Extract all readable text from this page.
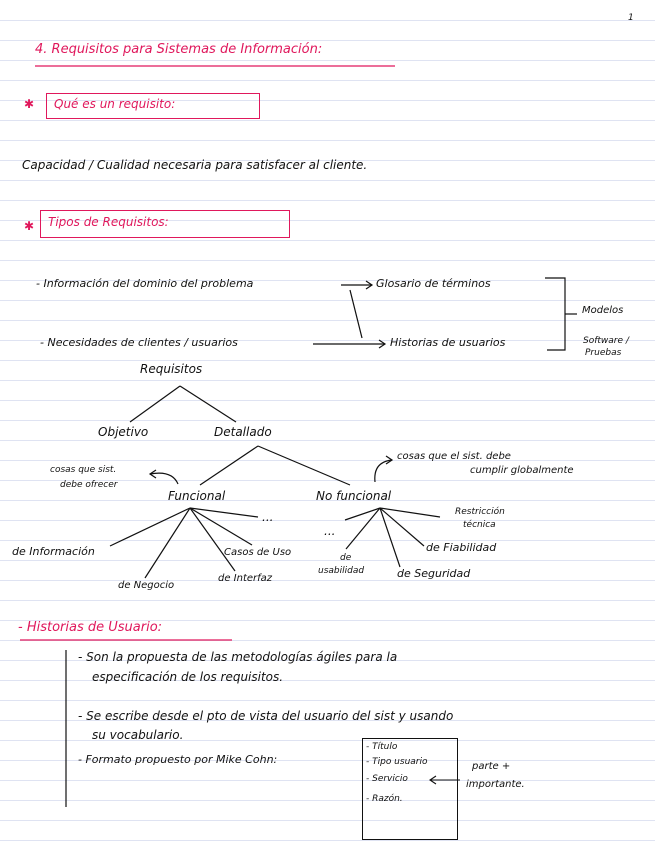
1
4. Requisitos para Sistemas de Información:
✱ Qué es un requisito:
Capacidad / Cualidad necesaria para satisfacer al cliente.
✱ Tipos de Requisitos:
- Información del dominio del problema	Glosario de términos
- Necesidades de clientes / usuarios	Historias de usuarios
Modelos
Software /
Pruebas
Requisitos
Objetivo	Detallado
Funcional	No funcional
cosas que sist.
debe ofrecer
cosas que el sist. debe
cumplir globalmente
...
...
de Información
de Negocio
de Interfaz
Casos de Uso	de
usabilidad	de Seguridad
de Fiabilidad
Restricción
técnica
- Historias de Usuario:
- Son la propuesta de las metodologías ágiles para la
especificación de los requisitos.
- Se escribe desde el pto de vista del usuario del sist y usando
su vocabulario.
- Formato propuesto por Mike Cohn:
- Título
- Tipo usuario
- Servicio
- Razón.
parte +
importante.
